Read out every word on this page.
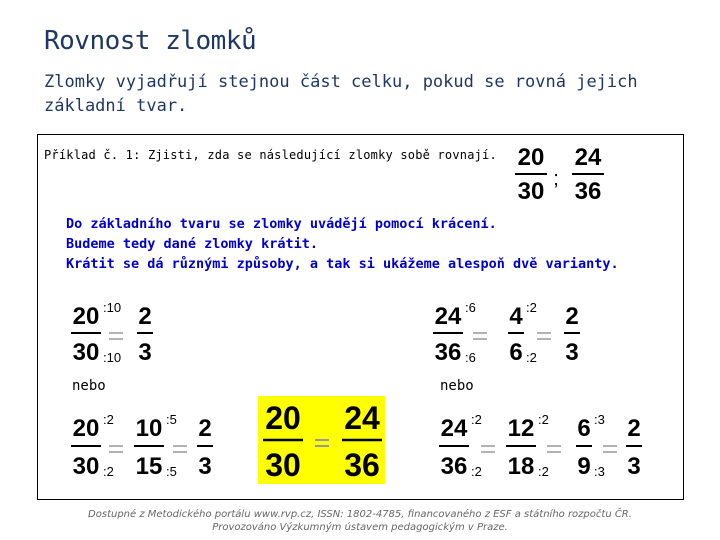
Rovnost zlomků
Zlomky vyjadřují stejnou část celku, pokud se rovná jejich základní tvar.
Příklad č. 1: Zjisti, zda se následující zlomky sobě rovnají.
Do základního tvaru se zlomky uvádějí pomocí krácení.
Budeme tedy dané zlomky krátit.
Krátit se dá různými způsoby, a tak si ukážeme alespoň dvě varianty.
nebo	nebo
20
30
24
36
;
20
30
:10
:10
2
3
24
36
:6
:6
4
6
:2
:2
2
3
20
30
:2
:2
10
15
:5
:5
2
3
24
36
:2
:2
12
18
:2
:2
6
9
:3
:3
2
3
20
30
24
36
Dostupné z Metodického portálu www.rvp.cz, ISSN: 1802-4785, financovaného z ESF a státního rozpočtu ČR.
Provozováno Výzkumným ústavem pedagogickým v Praze.
